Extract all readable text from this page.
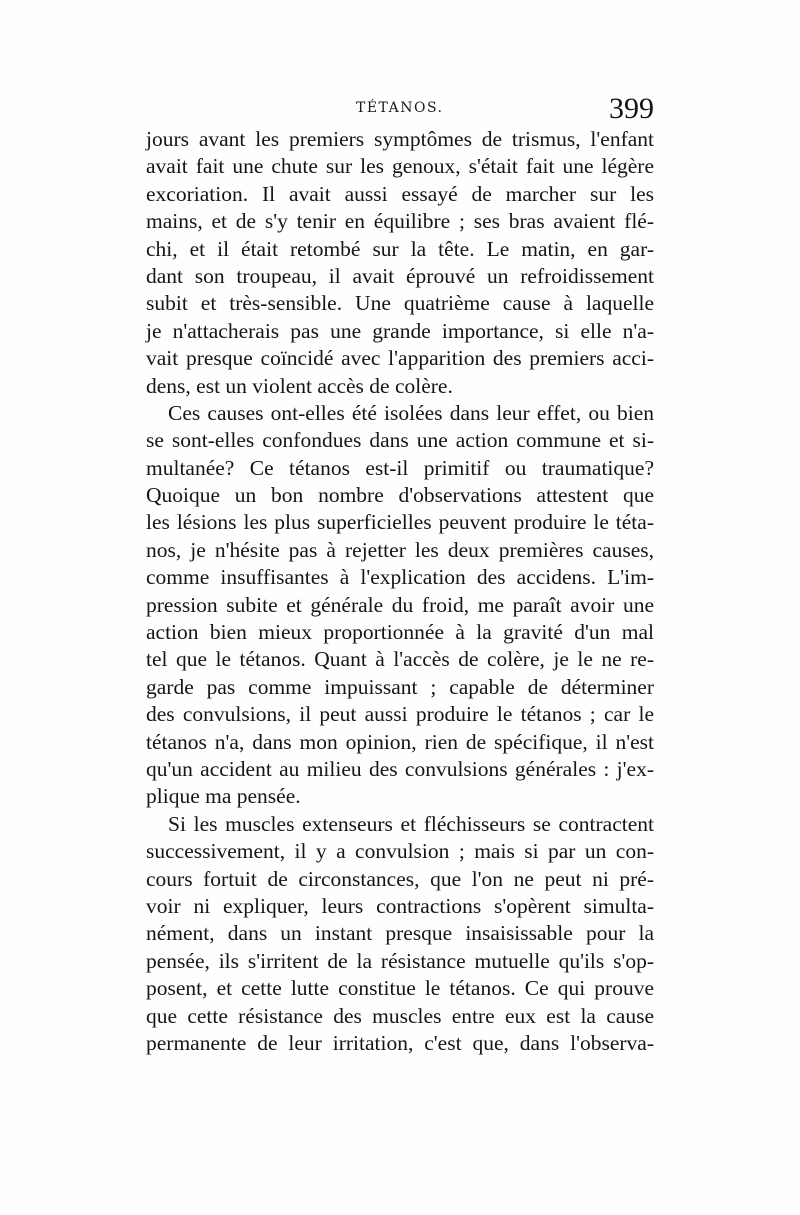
TÉTANOS.	399
jours avant les premiers symptômes de trismus, l'enfant
avait fait une chute sur les genoux, s'était fait une légère
excoriation. Il avait aussi essayé de marcher sur les
mains, et de s'y tenir en équilibre ; ses bras avaient flé-
chi, et il était retombé sur la tête. Le matin, en gar-
dant son troupeau, il avait éprouvé un refroidissement
subit et très-sensible. Une quatrième cause à laquelle
je n'attacherais pas une grande importance, si elle n'a-
vait presque coïncidé avec l'apparition des premiers acci-
dens, est un violent accès de colère.
Ces causes ont-elles été isolées dans leur effet, ou bien
se sont-elles confondues dans une action commune et si-
multanée? Ce tétanos est-il primitif ou traumatique?
Quoique un bon nombre d'observations attestent que
les lésions les plus superficielles peuvent produire le téta-
nos, je n'hésite pas à rejetter les deux premières causes,
comme insuffisantes à l'explication des accidens. L'im-
pression subite et générale du froid, me paraît avoir une
action bien mieux proportionnée à la gravité d'un mal
tel que le tétanos. Quant à l'accès de colère, je le ne re-
garde pas comme impuissant ; capable de déterminer
des convulsions, il peut aussi produire le tétanos ; car le
tétanos n'a, dans mon opinion, rien de spécifique, il n'est
qu'un accident au milieu des convulsions générales : j'ex-
plique ma pensée.
Si les muscles extenseurs et fléchisseurs se contractent
successivement, il y a convulsion ; mais si par un con-
cours fortuit de circonstances, que l'on ne peut ni pré-
voir ni expliquer, leurs contractions s'opèrent simulta-
nément, dans un instant presque insaisissable pour la
pensée, ils s'irritent de la résistance mutuelle qu'ils s'op-
posent, et cette lutte constitue le tétanos. Ce qui prouve
que cette résistance des muscles entre eux est la cause
permanente de leur irritation, c'est que, dans l'observa-
